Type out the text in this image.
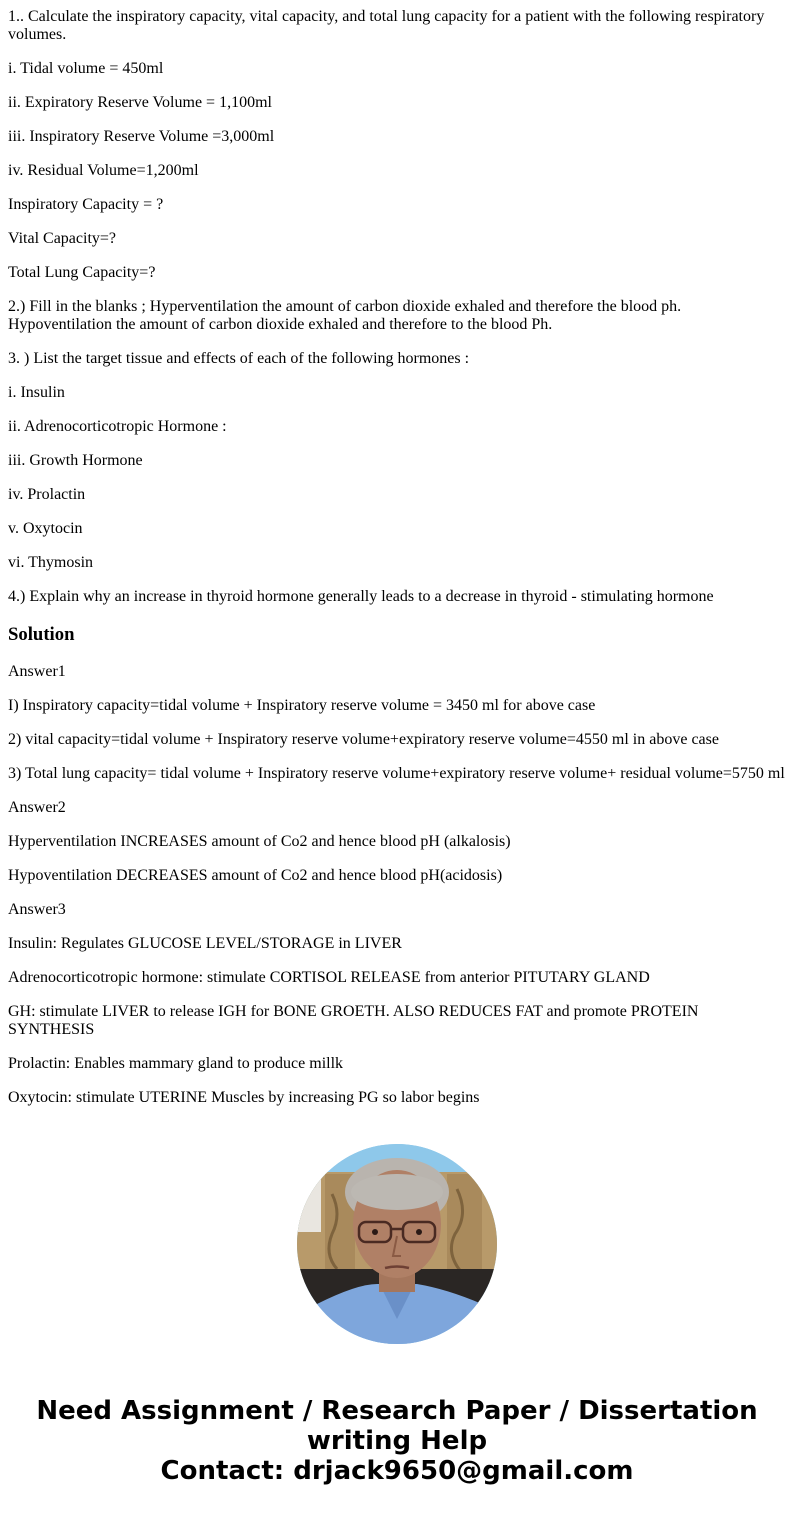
1.. Calculate the inspiratory capacity, vital capacity, and total lung capacity for a patient with the following respiratory volumes.

i. Tidal volume = 450ml

ii. Expiratory Reserve Volume = 1,100ml

iii. Inspiratory Reserve Volume =3,000ml

iv. Residual Volume=1,200ml

Inspiratory Capacity = ?

Vital Capacity=?

Total Lung Capacity=?

2.) Fill in the blanks ; Hyperventilation the amount of carbon dioxide exhaled and therefore the blood ph. Hypoventilation the amount of carbon dioxide exhaled and therefore to the blood Ph.

3. ) List the target tissue and effects of each of the following hormones :

i. Insulin

ii. Adrenocorticotropic Hormone :

iii. Growth Hormone

iv. Prolactin

v. Oxytocin

vi. Thymosin

4.) Explain why an increase in thyroid hormone generally leads to a decrease in thyroid - stimulating hormone

Solution

Answer1

I) Inspiratory capacity=tidal volume + Inspiratory reserve volume = 3450 ml for above case

2) vital capacity=tidal volume + Inspiratory reserve volume+expiratory reserve volume=4550 ml in above case

3) Total lung capacity= tidal volume + Inspiratory reserve volume+expiratory reserve volume+ residual volume=5750 ml

Answer2

Hyperventilation INCREASES amount of Co2 and hence blood pH (alkalosis)

Hypoventilation DECREASES amount of Co2 and hence blood pH(acidosis)

Answer3

Insulin: Regulates GLUCOSE LEVEL/STORAGE in LIVER

Adrenocorticotropic hormone: stimulate CORTISOL RELEASE from anterior PITUTARY GLAND

GH: stimulate LIVER to release IGH for BONE GROETH. ALSO REDUCES FAT and promote PROTEIN SYNTHESIS

Prolactin: Enables mammary gland to produce millk

Oxytocin: stimulate UTERINE Muscles by increasing PG so labor begins

Need Assignment / Research Paper / Dissertation writing Help
Contact: drjack9650@gmail.com
